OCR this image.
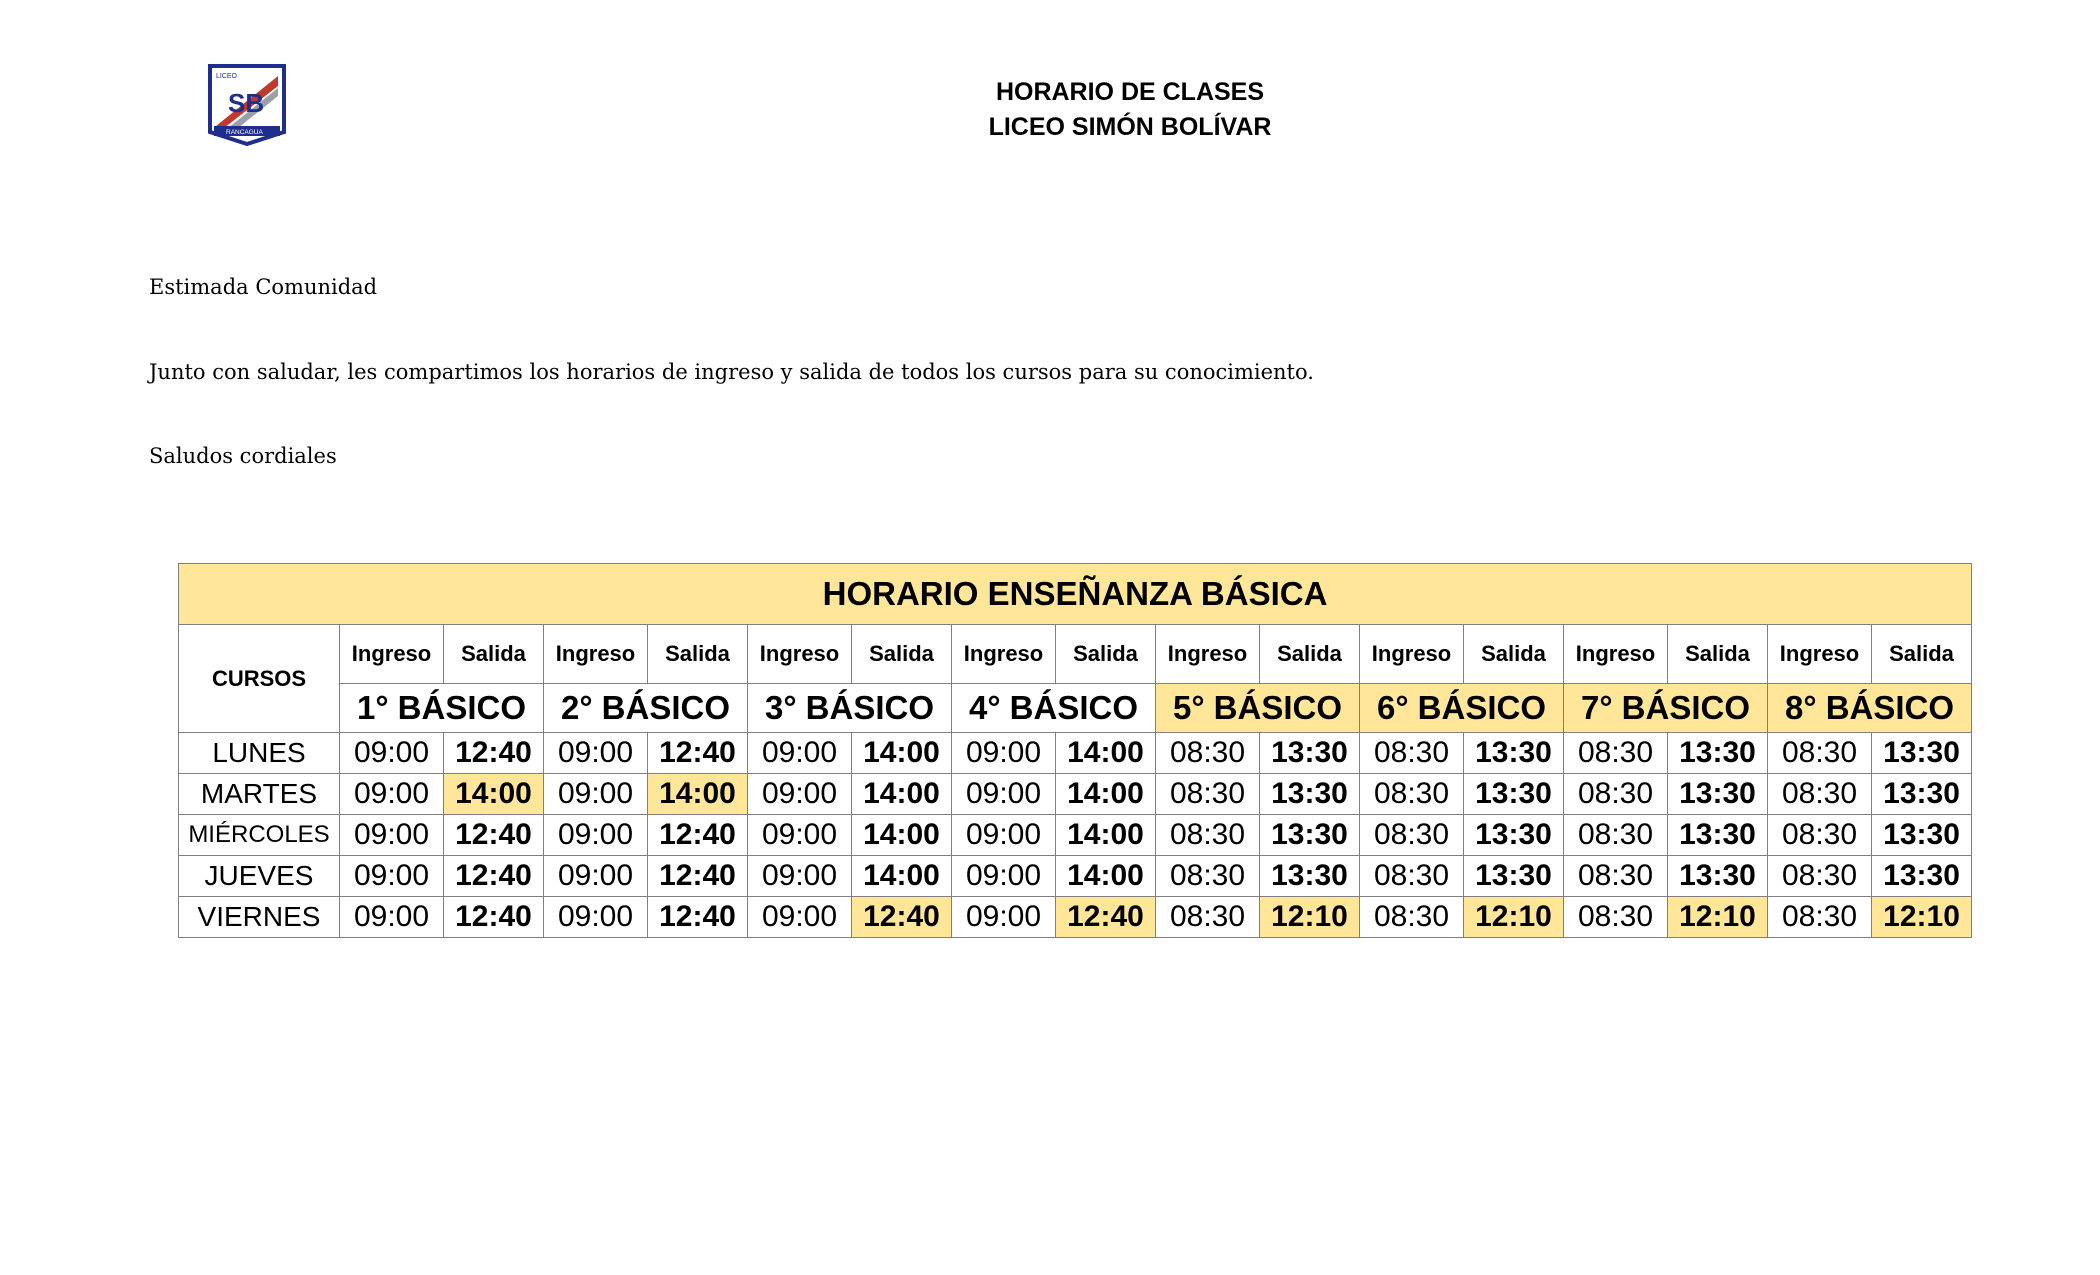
LICEO
SB
RANCAGUA
HORARIO DE CLASES
LICEO SIMÓN BOLÍVAR
Estimada Comunidad
Junto con saludar, les compartimos los horarios de ingreso y salida de todos los cursos para su conocimiento.
Saludos cordiales
HORARIO ENSEÑANZA BÁSICA																
CURSOS	Ingreso	Salida	Ingreso	Salida	Ingreso	Salida	Ingreso	Salida	Ingreso	Salida	Ingreso	Salida	Ingreso	Salida	Ingreso	Salida
	1° BÁSICO		2° BÁSICO		3° BÁSICO		4° BÁSICO		5° BÁSICO		6° BÁSICO		7° BÁSICO		8° BÁSICO	
LUNES	09:00	12:40	09:00	12:40	09:00	14:00	09:00	14:00	08:30	13:30	08:30	13:30	08:30	13:30	08:30	13:30
MARTES	09:00	14:00	09:00	14:00	09:00	14:00	09:00	14:00	08:30	13:30	08:30	13:30	08:30	13:30	08:30	13:30
MIÉRCOLES	09:00	12:40	09:00	12:40	09:00	14:00	09:00	14:00	08:30	13:30	08:30	13:30	08:30	13:30	08:30	13:30
JUEVES	09:00	12:40	09:00	12:40	09:00	14:00	09:00	14:00	08:30	13:30	08:30	13:30	08:30	13:30	08:30	13:30
VIERNES	09:00	12:40	09:00	12:40	09:00	12:40	09:00	12:40	08:30	12:10	08:30	12:10	08:30	12:10	08:30	12:10
